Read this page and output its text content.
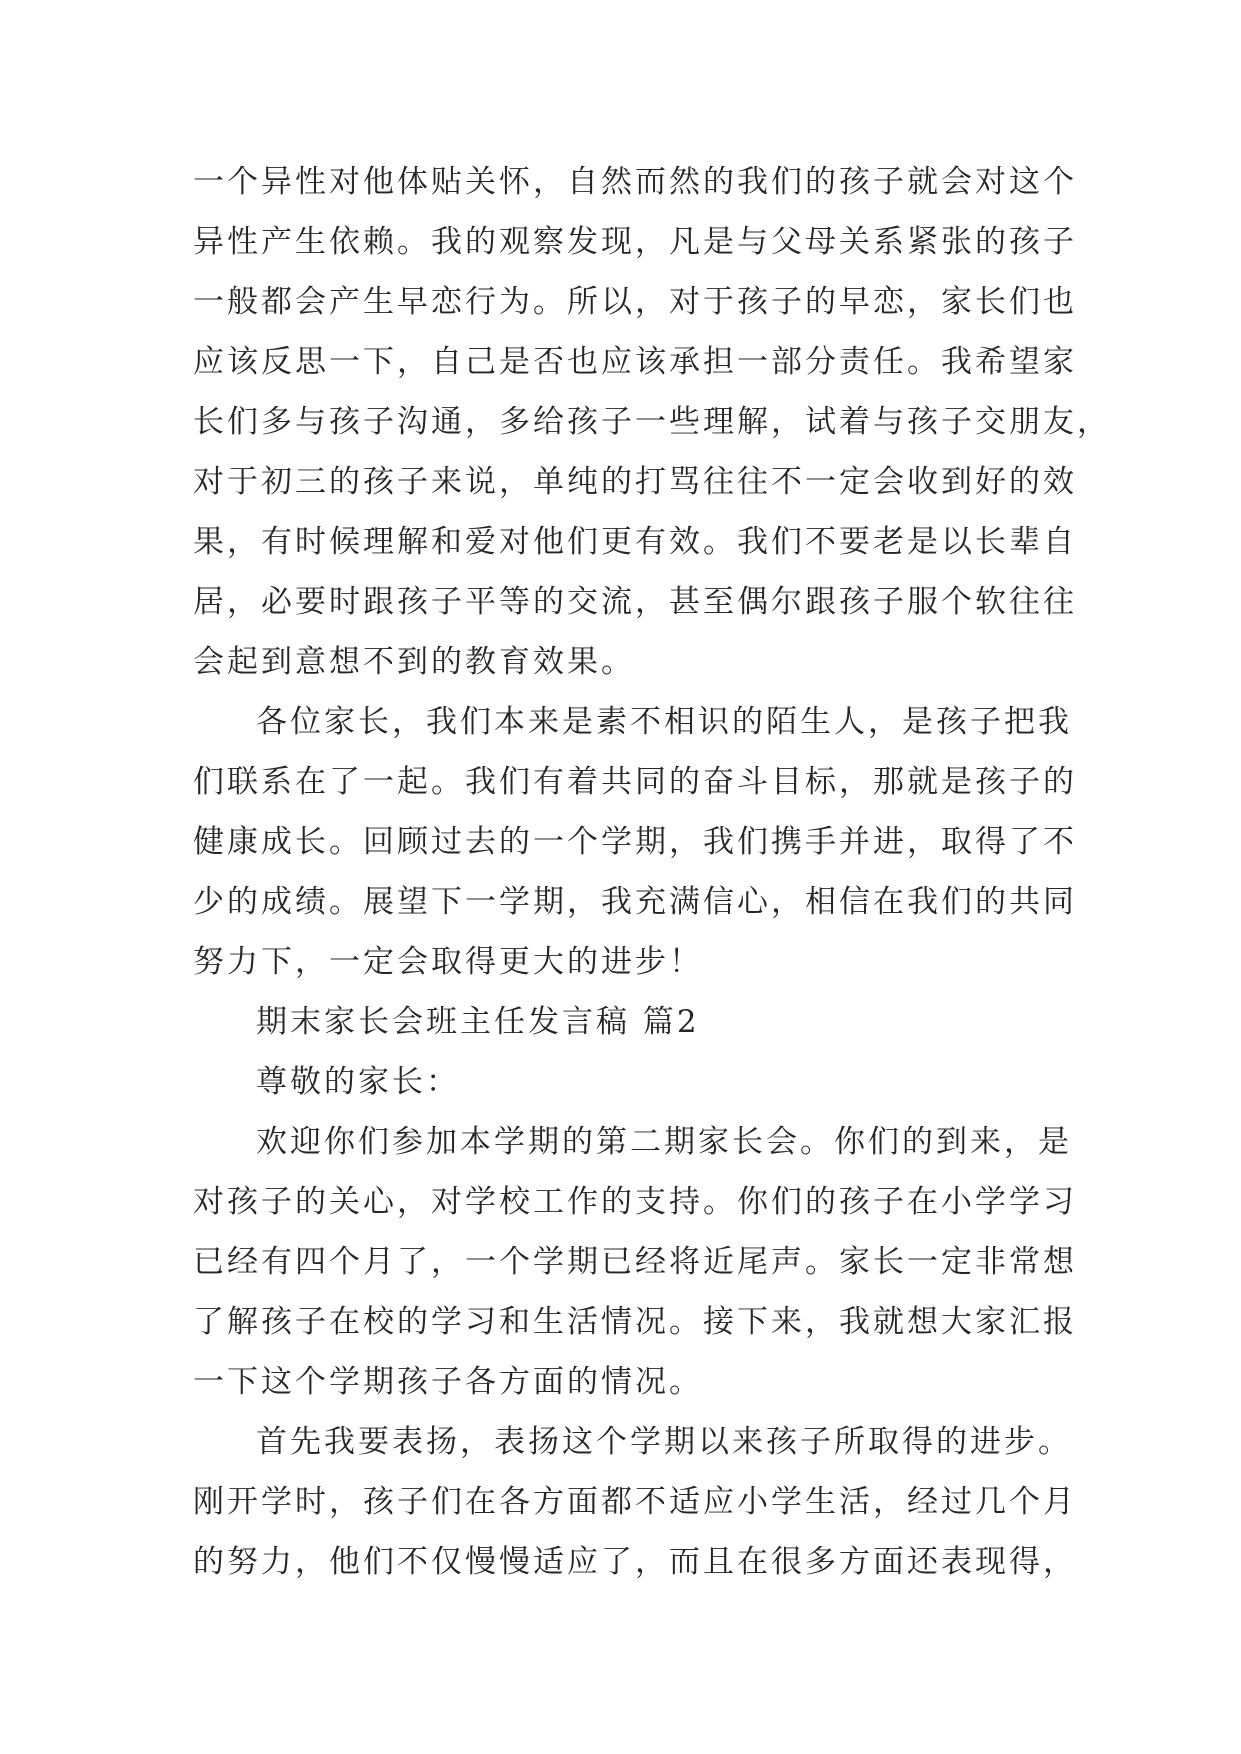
一个异性对他体贴关怀，自然而然的我们的孩子就会对这个
异性产生依赖。我的观察发现，凡是与父母关系紧张的孩子
一般都会产生早恋行为。所以，对于孩子的早恋，家长们也
应该反思一下，自己是否也应该承担一部分责任。我希望家
长们多与孩子沟通，多给孩子一些理解，试着与孩子交朋友，
对于初三的孩子来说，单纯的打骂往往不一定会收到好的效
果，有时候理解和爱对他们更有效。我们不要老是以长辈自
居，必要时跟孩子平等的交流，甚至偶尔跟孩子服个软往往
会起到意想不到的教育效果。
各位家长，我们本来是素不相识的陌生人，是孩子把我
们联系在了一起。我们有着共同的奋斗目标，那就是孩子的
健康成长。回顾过去的一个学期，我们携手并进，取得了不
少的成绩。展望下一学期，我充满信心，相信在我们的共同
努力下，一定会取得更大的进步！
期末家长会班主任发言稿 篇2
尊敬的家长：
欢迎你们参加本学期的第二期家长会。你们的到来，是
对孩子的关心，对学校工作的支持。你们的孩子在小学学习
已经有四个月了，一个学期已经将近尾声。家长一定非常想
了解孩子在校的学习和生活情况。接下来，我就想大家汇报
一下这个学期孩子各方面的情况。
首先我要表扬，表扬这个学期以来孩子所取得的进步。
刚开学时，孩子们在各方面都不适应小学生活，经过几个月
的努力，他们不仅慢慢适应了，而且在很多方面还表现得，
